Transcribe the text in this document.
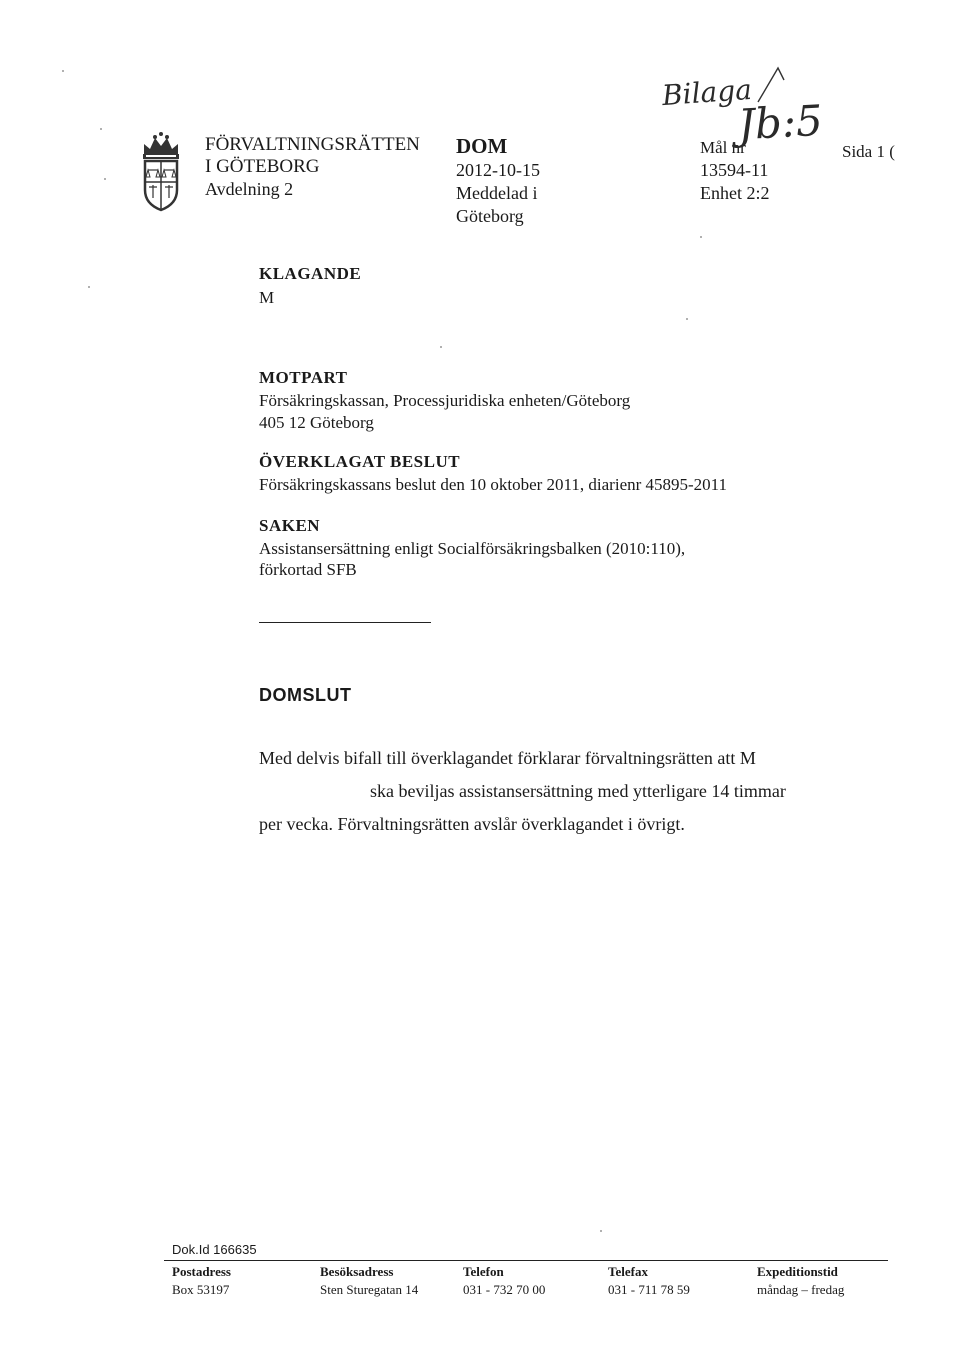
FÖRVALTNINGSRÄTTEN
I GÖTEBORG
Avdelning 2
DOM
2012-10-15
Meddelad i
Göteborg
Mål nr
13594-11
Enhet 2:2
Sida 1 (
Bilaga
Jb:5
KLAGANDE
M
MOTPART
Försäkringskassan, Processjuridiska enheten/Göteborg
405 12 Göteborg
ÖVERKLAGAT BESLUT
Försäkringskassans beslut den 10 oktober 2011, diarienr 45895-2011
SAKEN
Assistansersättning enligt Socialförsäkringsbalken (2010:110),
förkortad SFB
DOMSLUT
Med delvis bifall till överklagandet förklarar förvaltningsrätten att M
ska beviljas assistansersättning med ytterligare 14 timmar
per vecka. Förvaltningsrätten avslår överklagandet i övrigt.
Dok.Id 166635
Postadress
Box 53197
Besöksadress
Sten Sturegatan 14
Telefon
031 - 732 70 00
Telefax
031 - 711 78 59
Expeditionstid
måndag – fredag
